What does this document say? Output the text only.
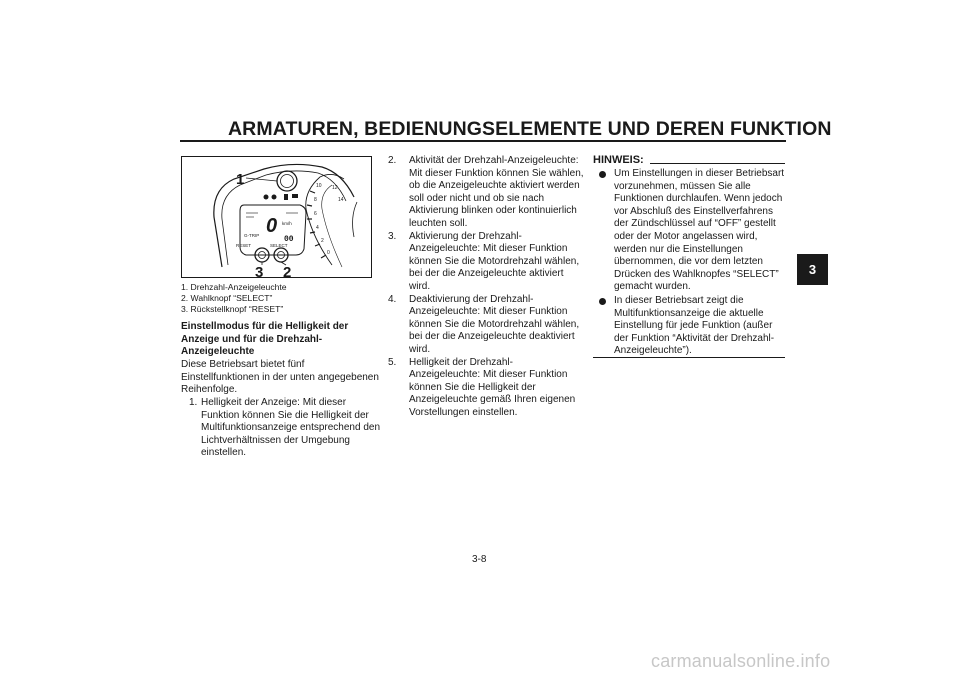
ARMATUREN, BEDIENUNGSELEMENTE UND DEREN FUNKTION
3
10
8
6
4
2
0
12
14
0
00
km/h
G-TRIP
RESET	SELECT
1
3 2
1. Drehzahl-Anzeigeleuchte
2. Wahlknopf “SELECT”
3. Rückstellknopf “RESET”
Einstellmodus für die Helligkeit der Anzeige und für die Drehzahl-Anzeigeleuchte
Diese Betriebsart bietet fünf Einstellfunktionen in der unten angegebenen Reihenfolge.
1. Helligkeit der Anzeige: Mit dieser Funktion können Sie die Helligkeit der Multifunktionsanzeige entsprechend den Lichtverhältnissen der Umgebung einstellen.
2. Aktivität der Drehzahl-Anzeigeleuchte: Mit dieser Funktion können Sie wählen, ob die Anzeigeleuchte aktiviert werden soll oder nicht und ob sie nach Aktivierung blinken oder kontinuierlich leuchten soll.
3. Aktivierung der Drehzahl-Anzeigeleuchte: Mit dieser Funktion können Sie die Motordrehzahl wählen, bei der die Anzeigeleuchte aktiviert wird.
4. Deaktivierung der Drehzahl-Anzeigeleuchte: Mit dieser Funktion können Sie die Motordrehzahl wählen, bei der die Anzeigeleuchte deaktiviert wird.
5. Helligkeit der Drehzahl-Anzeigeleuchte: Mit dieser Funktion können Sie die Helligkeit der Anzeigeleuchte gemäß Ihren eigenen Vorstellungen einstellen.
HINWEIS:
Um Einstellungen in dieser Betriebsart vorzunehmen, müssen Sie alle Funktionen durchlaufen. Wenn jedoch vor Abschluß des Einstellverfahrens der Zündschlüssel auf “OFF” gestellt oder der Motor angelassen wird, werden nur die Einstellungen übernommen, die vor dem letzten Drücken des Wahlknopfes “SELECT” gemacht wurden.
In dieser Betriebsart zeigt die Multifunktionsanzeige die aktuelle Einstellung für jede Funktion (außer der Funktion “Aktivität der Drehzahl-Anzeigeleuchte”).
3-8
carmanualsonline.info
